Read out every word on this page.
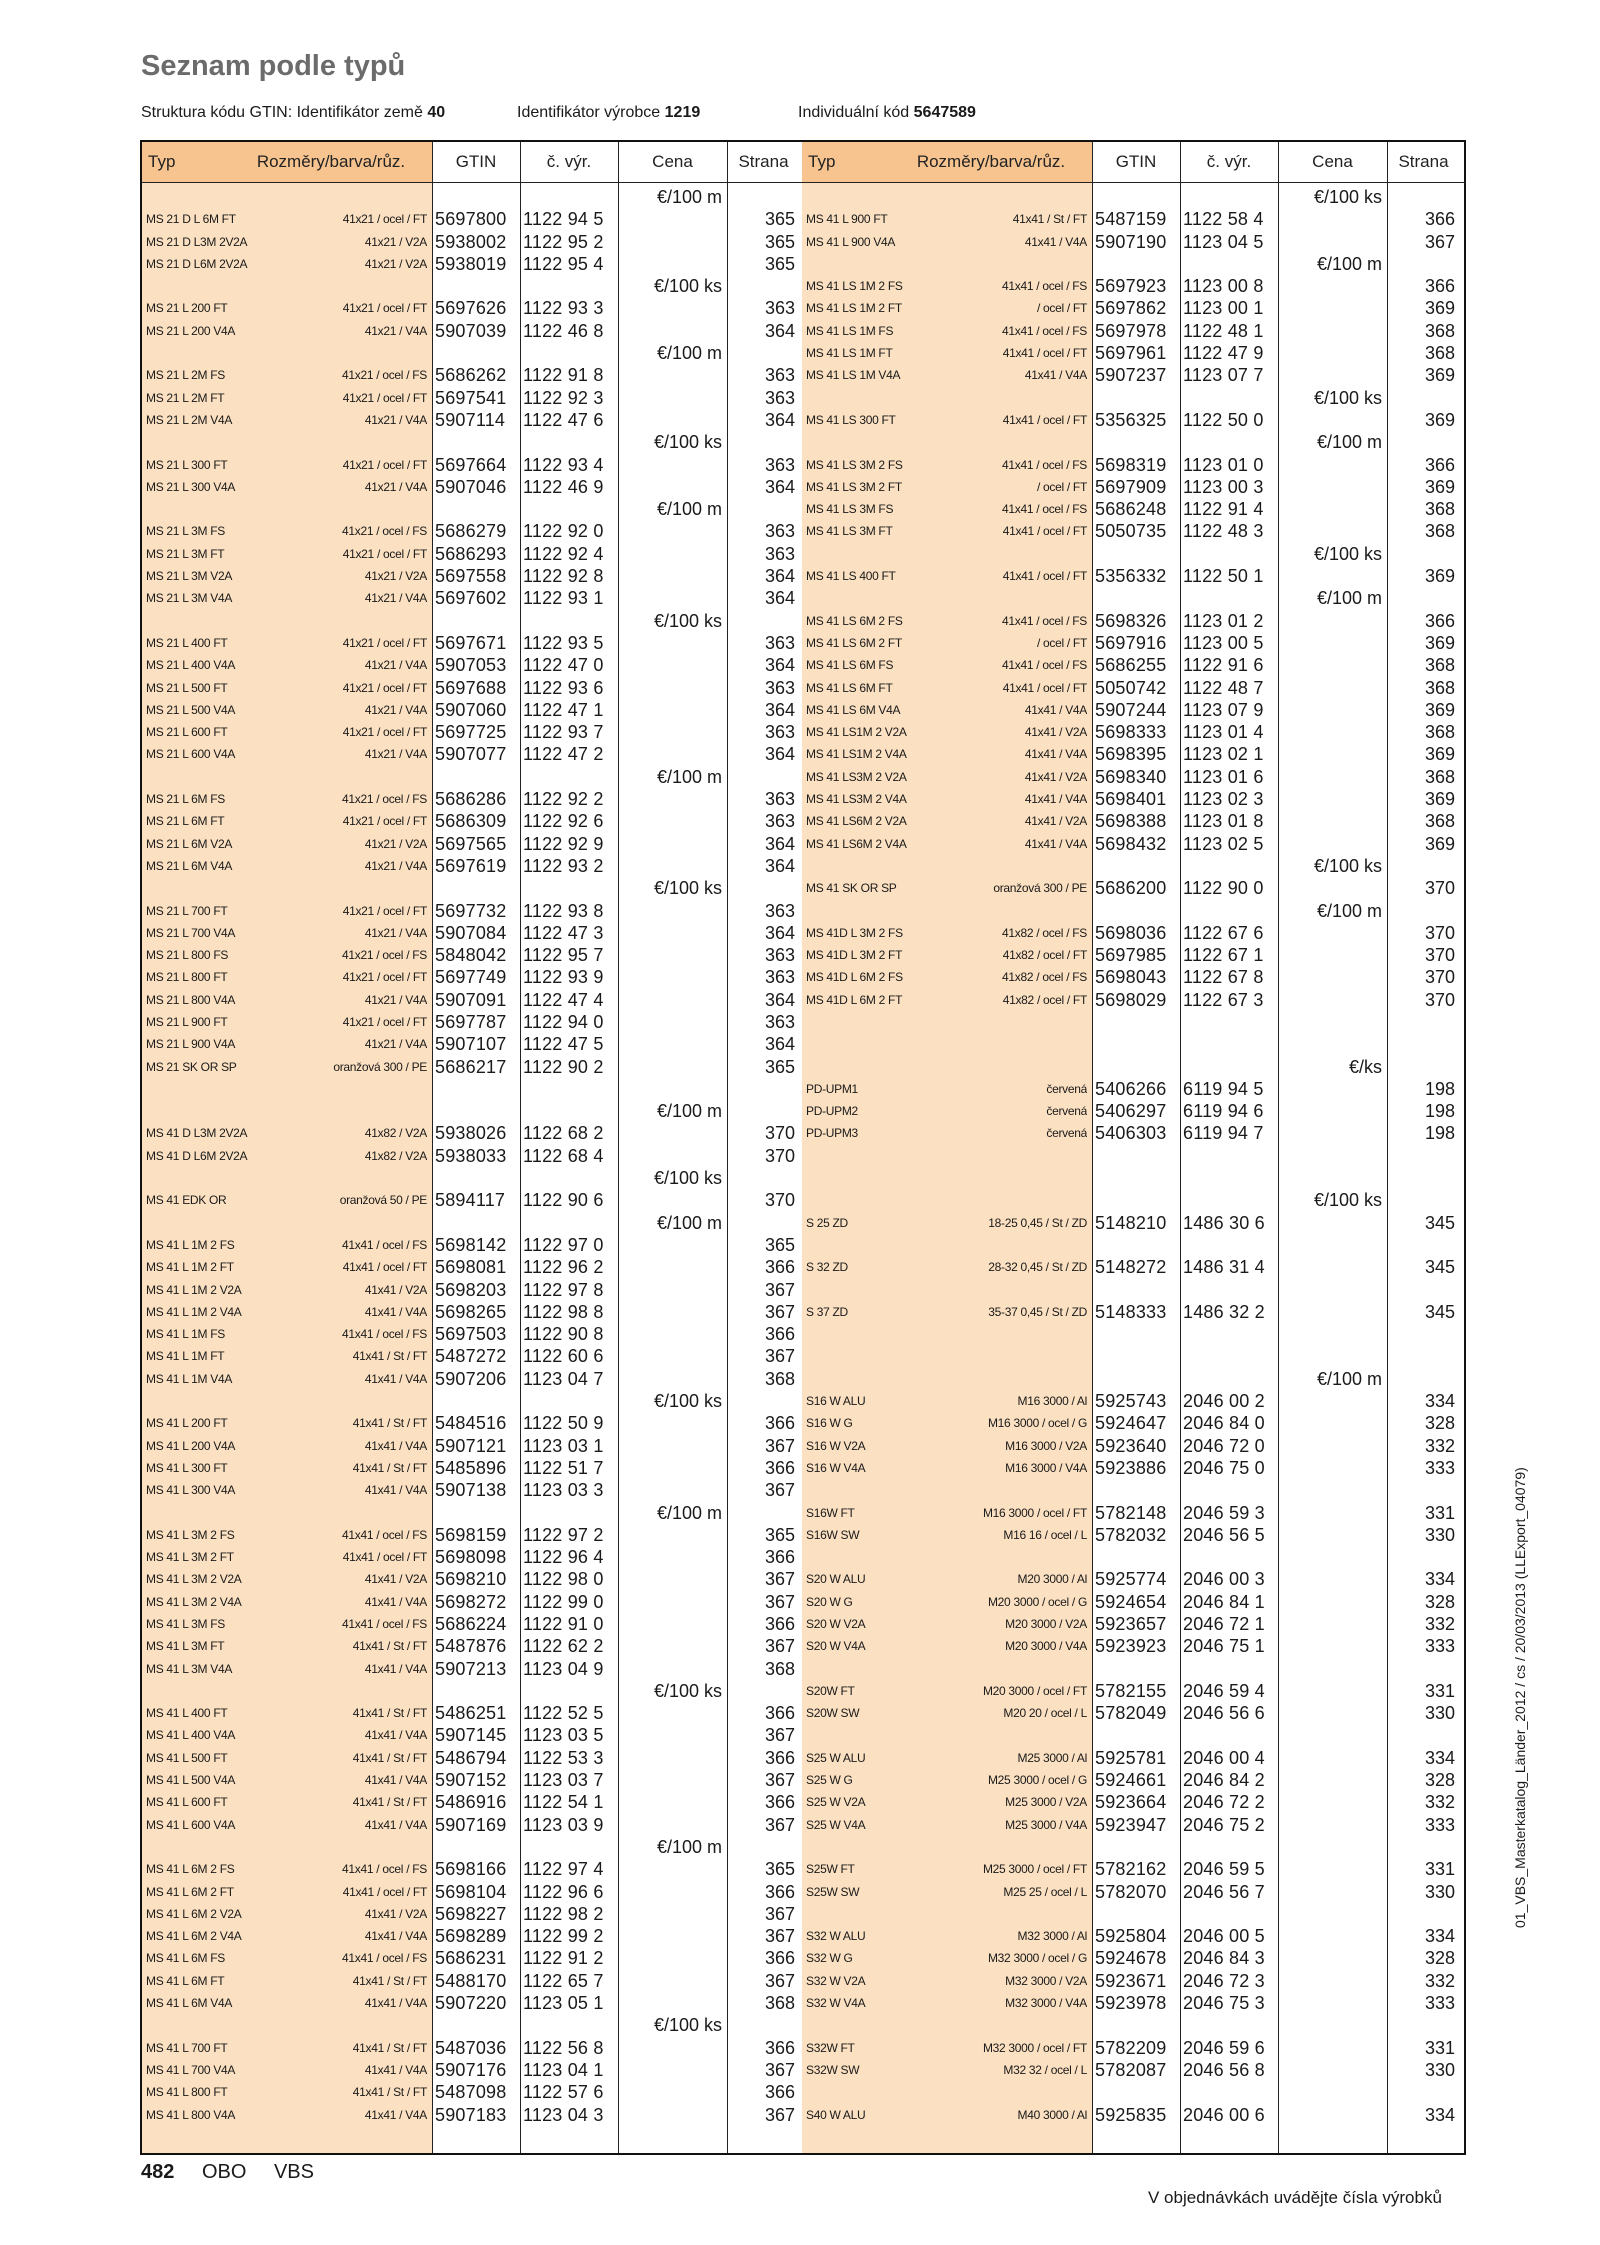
Seznam podle typů
Struktura kódu GTIN: Identifikátor země 40	Identifikátor výrobce 1219	Individuální kód 5647589
Typ	Rozměry/barva/růz.	GTIN	č. výr.	Cena	Strana
€/100 m
MS 21 D L 6M FT	41x21 / ocel / FT 5697800 1122 94 5	365
MS 21 D L3M 2V2A	41x21 / V2A 5938002 1122 95 2	365
MS 21 D L6M 2V2A	41x21 / V2A 5938019 1122 95 4	365
€/100 ks
MS 21 L 200 FT	41x21 / ocel / FT 5697626 1122 93 3	363
MS 21 L 200 V4A	41x21 / V4A 5907039 1122 46 8	364
€/100 m
MS 21 L 2M FS	41x21 / ocel / FS 5686262 1122 91 8	363
MS 21 L 2M FT	41x21 / ocel / FT 5697541 1122 92 3	363
MS 21 L 2M V4A	41x21 / V4A 5907114 1122 47 6	364
€/100 ks
MS 21 L 300 FT	41x21 / ocel / FT 5697664 1122 93 4	363
MS 21 L 300 V4A	41x21 / V4A 5907046 1122 46 9	364
€/100 m
MS 21 L 3M FS	41x21 / ocel / FS 5686279 1122 92 0	363
MS 21 L 3M FT	41x21 / ocel / FT 5686293 1122 92 4	363
MS 21 L 3M V2A	41x21 / V2A 5697558 1122 92 8	364
MS 21 L 3M V4A	41x21 / V4A 5697602 1122 93 1	364
€/100 ks
MS 21 L 400 FT	41x21 / ocel / FT 5697671 1122 93 5	363
MS 21 L 400 V4A	41x21 / V4A 5907053 1122 47 0	364
MS 21 L 500 FT	41x21 / ocel / FT 5697688 1122 93 6	363
MS 21 L 500 V4A	41x21 / V4A 5907060 1122 47 1	364
MS 21 L 600 FT	41x21 / ocel / FT 5697725 1122 93 7	363
MS 21 L 600 V4A	41x21 / V4A 5907077 1122 47 2	364
€/100 m
MS 21 L 6M FS	41x21 / ocel / FS 5686286 1122 92 2	363
MS 21 L 6M FT	41x21 / ocel / FT 5686309 1122 92 6	363
MS 21 L 6M V2A	41x21 / V2A 5697565 1122 92 9	364
MS 21 L 6M V4A	41x21 / V4A 5697619 1122 93 2	364
€/100 ks
MS 21 L 700 FT	41x21 / ocel / FT 5697732 1122 93 8	363
MS 21 L 700 V4A	41x21 / V4A 5907084 1122 47 3	364
MS 21 L 800 FS	41x21 / ocel / FS 5848042 1122 95 7	363
MS 21 L 800 FT	41x21 / ocel / FT 5697749 1122 93 9	363
MS 21 L 800 V4A	41x21 / V4A 5907091 1122 47 4	364
MS 21 L 900 FT	41x21 / ocel / FT 5697787 1122 94 0	363
MS 21 L 900 V4A	41x21 / V4A 5907107 1122 47 5	364
MS 21 SK OR SP	oranžová 300 / PE 5686217 1122 90 2	365
€/100 m
MS 41 D L3M 2V2A	41x82 / V2A 5938026 1122 68 2	370
MS 41 D L6M 2V2A	41x82 / V2A 5938033 1122 68 4	370
€/100 ks
MS 41 EDK OR	oranžová 50 / PE 5894117 1122 90 6	370
€/100 m
MS 41 L 1M 2 FS	41x41 / ocel / FS 5698142 1122 97 0	365
MS 41 L 1M 2 FT	41x41 / ocel / FT 5698081 1122 96 2	366
MS 41 L 1M 2 V2A	41x41 / V2A 5698203 1122 97 8	367
MS 41 L 1M 2 V4A	41x41 / V4A 5698265 1122 98 8	367
MS 41 L 1M FS	41x41 / ocel / FS 5697503 1122 90 8	366
MS 41 L 1M FT	41x41 / St / FT 5487272 1122 60 6	367
MS 41 L 1M V4A	41x41 / V4A 5907206 1123 04 7	368
€/100 ks
MS 41 L 200 FT	41x41 / St / FT 5484516 1122 50 9	366
MS 41 L 200 V4A	41x41 / V4A 5907121 1123 03 1	367
MS 41 L 300 FT	41x41 / St / FT 5485896 1122 51 7	366
MS 41 L 300 V4A	41x41 / V4A 5907138 1123 03 3	367
€/100 m
MS 41 L 3M 2 FS	41x41 / ocel / FS 5698159 1122 97 2	365
MS 41 L 3M 2 FT	41x41 / ocel / FT 5698098 1122 96 4	366
MS 41 L 3M 2 V2A	41x41 / V2A 5698210 1122 98 0	367
MS 41 L 3M 2 V4A	41x41 / V4A 5698272 1122 99 0	367
MS 41 L 3M FS	41x41 / ocel / FS 5686224 1122 91 0	366
MS 41 L 3M FT	41x41 / St / FT 5487876 1122 62 2	367
MS 41 L 3M V4A	41x41 / V4A 5907213 1123 04 9	368
€/100 ks
MS 41 L 400 FT	41x41 / St / FT 5486251 1122 52 5	366
MS 41 L 400 V4A	41x41 / V4A 5907145 1123 03 5	367
MS 41 L 500 FT	41x41 / St / FT 5486794 1122 53 3	366
MS 41 L 500 V4A	41x41 / V4A 5907152 1123 03 7	367
MS 41 L 600 FT	41x41 / St / FT 5486916 1122 54 1	366
MS 41 L 600 V4A	41x41 / V4A 5907169 1123 03 9	367
€/100 m
MS 41 L 6M 2 FS	41x41 / ocel / FS 5698166 1122 97 4	365
MS 41 L 6M 2 FT	41x41 / ocel / FT 5698104 1122 96 6	366
MS 41 L 6M 2 V2A	41x41 / V2A 5698227 1122 98 2	367
MS 41 L 6M 2 V4A	41x41 / V4A 5698289 1122 99 2	367
MS 41 L 6M FS	41x41 / ocel / FS 5686231 1122 91 2	366
MS 41 L 6M FT	41x41 / St / FT 5488170 1122 65 7	367
MS 41 L 6M V4A	41x41 / V4A 5907220 1123 05 1	368
€/100 ks
MS 41 L 700 FT	41x41 / St / FT 5487036 1122 56 8	366
MS 41 L 700 V4A	41x41 / V4A 5907176 1123 04 1	367
MS 41 L 800 FT	41x41 / St / FT 5487098 1122 57 6	366
MS 41 L 800 V4A	41x41 / V4A 5907183 1123 04 3	367
Typ	Rozměry/barva/růz.	GTIN	č. výr.	Cena	Strana
€/100 ks
MS 41 L 900 FT	41x41 / St / FT 5487159 1122 58 4	366
MS 41 L 900 V4A	41x41 / V4A 5907190 1123 04 5	367
€/100 m
MS 41 LS 1M 2 FS	41x41 / ocel / FS 5697923 1123 00 8	366
MS 41 LS 1M 2 FT	/ ocel / FT 5697862 1123 00 1	369
MS 41 LS 1M FS	41x41 / ocel / FS 5697978 1122 48 1	368
MS 41 LS 1M FT	41x41 / ocel / FT 5697961 1122 47 9	368
MS 41 LS 1M V4A	41x41 / V4A 5907237 1123 07 7	369
€/100 ks
MS 41 LS 300 FT	41x41 / ocel / FT 5356325 1122 50 0	369
€/100 m
MS 41 LS 3M 2 FS	41x41 / ocel / FS 5698319 1123 01 0	366
MS 41 LS 3M 2 FT	/ ocel / FT 5697909 1123 00 3	369
MS 41 LS 3M FS	41x41 / ocel / FS 5686248 1122 91 4	368
MS 41 LS 3M FT	41x41 / ocel / FT 5050735 1122 48 3	368
€/100 ks
MS 41 LS 400 FT	41x41 / ocel / FT 5356332 1122 50 1	369
€/100 m
MS 41 LS 6M 2 FS	41x41 / ocel / FS 5698326 1123 01 2	366
MS 41 LS 6M 2 FT	/ ocel / FT 5697916 1123 00 5	369
MS 41 LS 6M FS	41x41 / ocel / FS 5686255 1122 91 6	368
MS 41 LS 6M FT	41x41 / ocel / FT 5050742 1122 48 7	368
MS 41 LS 6M V4A	41x41 / V4A 5907244 1123 07 9	369
MS 41 LS1M 2 V2A	41x41 / V2A 5698333 1123 01 4	368
MS 41 LS1M 2 V4A	41x41 / V4A 5698395 1123 02 1	369
MS 41 LS3M 2 V2A	41x41 / V2A 5698340 1123 01 6	368
MS 41 LS3M 2 V4A	41x41 / V4A 5698401 1123 02 3	369
MS 41 LS6M 2 V2A	41x41 / V2A 5698388 1123 01 8	368
MS 41 LS6M 2 V4A	41x41 / V4A 5698432 1123 02 5	369
€/100 ks
MS 41 SK OR SP	oranžová 300 / PE 5686200 1122 90 0	370
€/100 m
MS 41D L 3M 2 FS	41x82 / ocel / FS 5698036 1122 67 6	370
MS 41D L 3M 2 FT	41x82 / ocel / FT 5697985 1122 67 1	370
MS 41D L 6M 2 FS	41x82 / ocel / FS 5698043 1122 67 8	370
MS 41D L 6M 2 FT	41x82 / ocel / FT 5698029 1122 67 3	370
€/ks
PD-UPM1	červená 5406266 6119 94 5	198
PD-UPM2	červená 5406297 6119 94 6	198
PD-UPM3	červená 5406303 6119 94 7	198
€/100 ks
S 25 ZD	18-25 0,45 / St / ZD 5148210 1486 30 6	345
S 32 ZD	28-32 0,45 / St / ZD 5148272 1486 31 4	345
S 37 ZD	35-37 0,45 / St / ZD 5148333 1486 32 2	345
€/100 m
S16 W ALU	M16 3000 / Al 5925743 2046 00 2	334
S16 W G	M16 3000 / ocel / G 5924647 2046 84 0	328
S16 W V2A	M16 3000 / V2A 5923640 2046 72 0	332
S16 W V4A	M16 3000 / V4A 5923886 2046 75 0	333
S16W FT	M16 3000 / ocel / FT 5782148 2046 59 3	331
S16W SW	M16 16 / ocel / L 5782032 2046 56 5	330
S20 W ALU	M20 3000 / Al 5925774 2046 00 3	334
S20 W G	M20 3000 / ocel / G 5924654 2046 84 1	328
S20 W V2A	M20 3000 / V2A 5923657 2046 72 1	332
S20 W V4A	M20 3000 / V4A 5923923 2046 75 1	333
S20W FT	M20 3000 / ocel / FT 5782155 2046 59 4	331
S20W SW	M20 20 / ocel / L 5782049 2046 56 6	330
S25 W ALU	M25 3000 / Al 5925781 2046 00 4	334
S25 W G	M25 3000 / ocel / G 5924661 2046 84 2	328
S25 W V2A	M25 3000 / V2A 5923664 2046 72 2	332
S25 W V4A	M25 3000 / V4A 5923947 2046 75 2	333
S25W FT	M25 3000 / ocel / FT 5782162 2046 59 5	331
S25W SW	M25 25 / ocel / L 5782070 2046 56 7	330
S32 W ALU	M32 3000 / Al 5925804 2046 00 5	334
S32 W G	M32 3000 / ocel / G 5924678 2046 84 3	328
S32 W V2A	M32 3000 / V2A 5923671 2046 72 3	332
S32 W V4A	M32 3000 / V4A 5923978 2046 75 3	333
S32W FT	M32 3000 / ocel / FT 5782209 2046 59 6	331
S32W SW	M32 32 / ocel / L 5782087 2046 56 8	330
S40 W ALU	M40 3000 / Al 5925835 2046 00 6	334
482 OBO VBS
V objednávkách uvádějte čísla výrobků
01_VBS_Masterkatalog_Länder_2012 / cs / 20/03/2013 (LLExport_04079)
